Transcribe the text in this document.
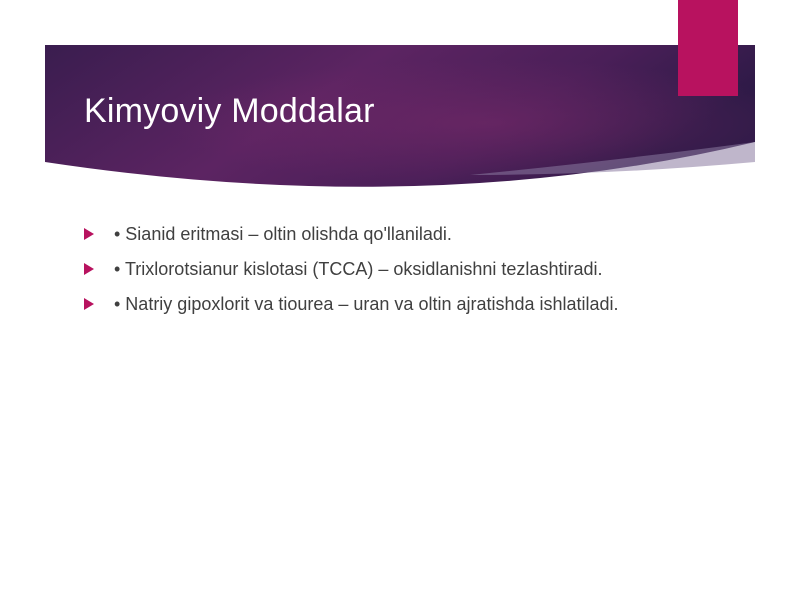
Kimyoviy Moddalar
• Sianid eritmasi – oltin olishda qo'llaniladi.
• Trixlorotsianur kislotasi (TCCA) – oksidlanishni tezlashtiradi.
• Natriy gipoxlorit va tiourea – uran va oltin ajratishda ishlatiladi.
